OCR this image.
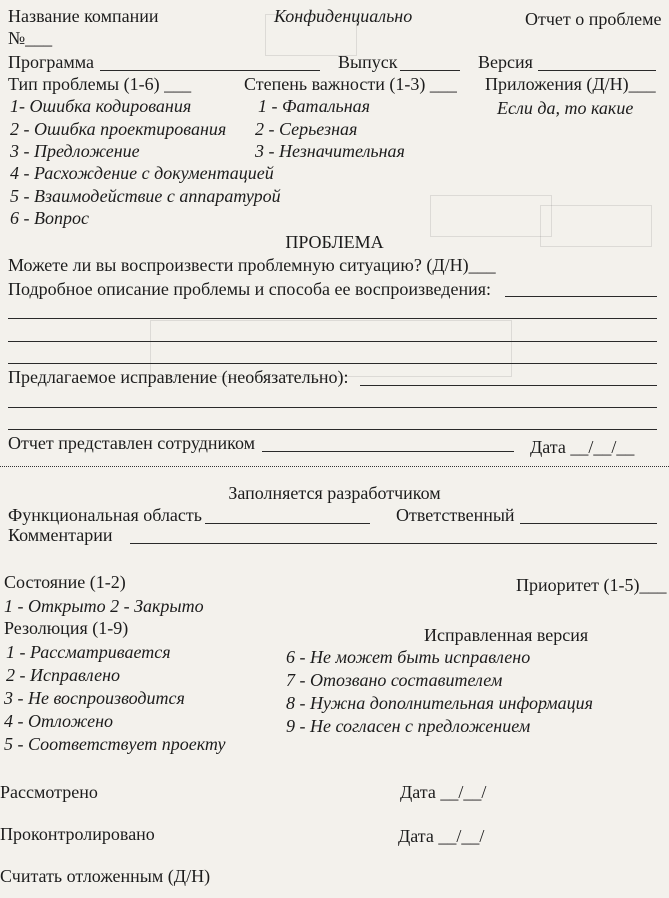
Название компании	Конфиденциально	Отчет о проблеме
№___
Программа	Выпуск	Версия
Тип проблемы (1-6) ___	Степень важности (1-3) ___ Приложения (Д/Н)___
1- Ошибка кодирования	1 - Фатальная	Если да, то какие
2 - Ошибка проектирования 2 - Серьезная
3 - Предложение	3 - Незначительная
4 - Расхождение с документацией
5 - Взаимодействие с аппаратурой
6 - Вопрос
ПРОБЛЕМА
Можете ли вы воспроизвести проблемную ситуацию? (Д/Н)___
Подробное описание проблемы и способа ее воспроизведения:
Предлагаемое исправление (необязательно):
Отчет представлен сотрудником	Дата __/__/__
Заполняется разработчиком
Функциональная область	Ответственный
Комментарии
Состояние (1-2)	Приоритет (1-5)___
1 - Открыто 2 - Закрыто
Резолюция (1-9)	Исправленная версия
1 - Рассматривается	6 - Не может быть исправлено
2 - Исправлено	7 - Отозвано составителем
3 - Не воспроизводится	8 - Нужна дополнительная информация
4 - Отложено	9 - Не согласен с предложением
5 - Соответствует проекту
Рассмотрено	Дата __/__/
Проконтролировано	Дата __/__/
Считать отложенным (Д/Н)
